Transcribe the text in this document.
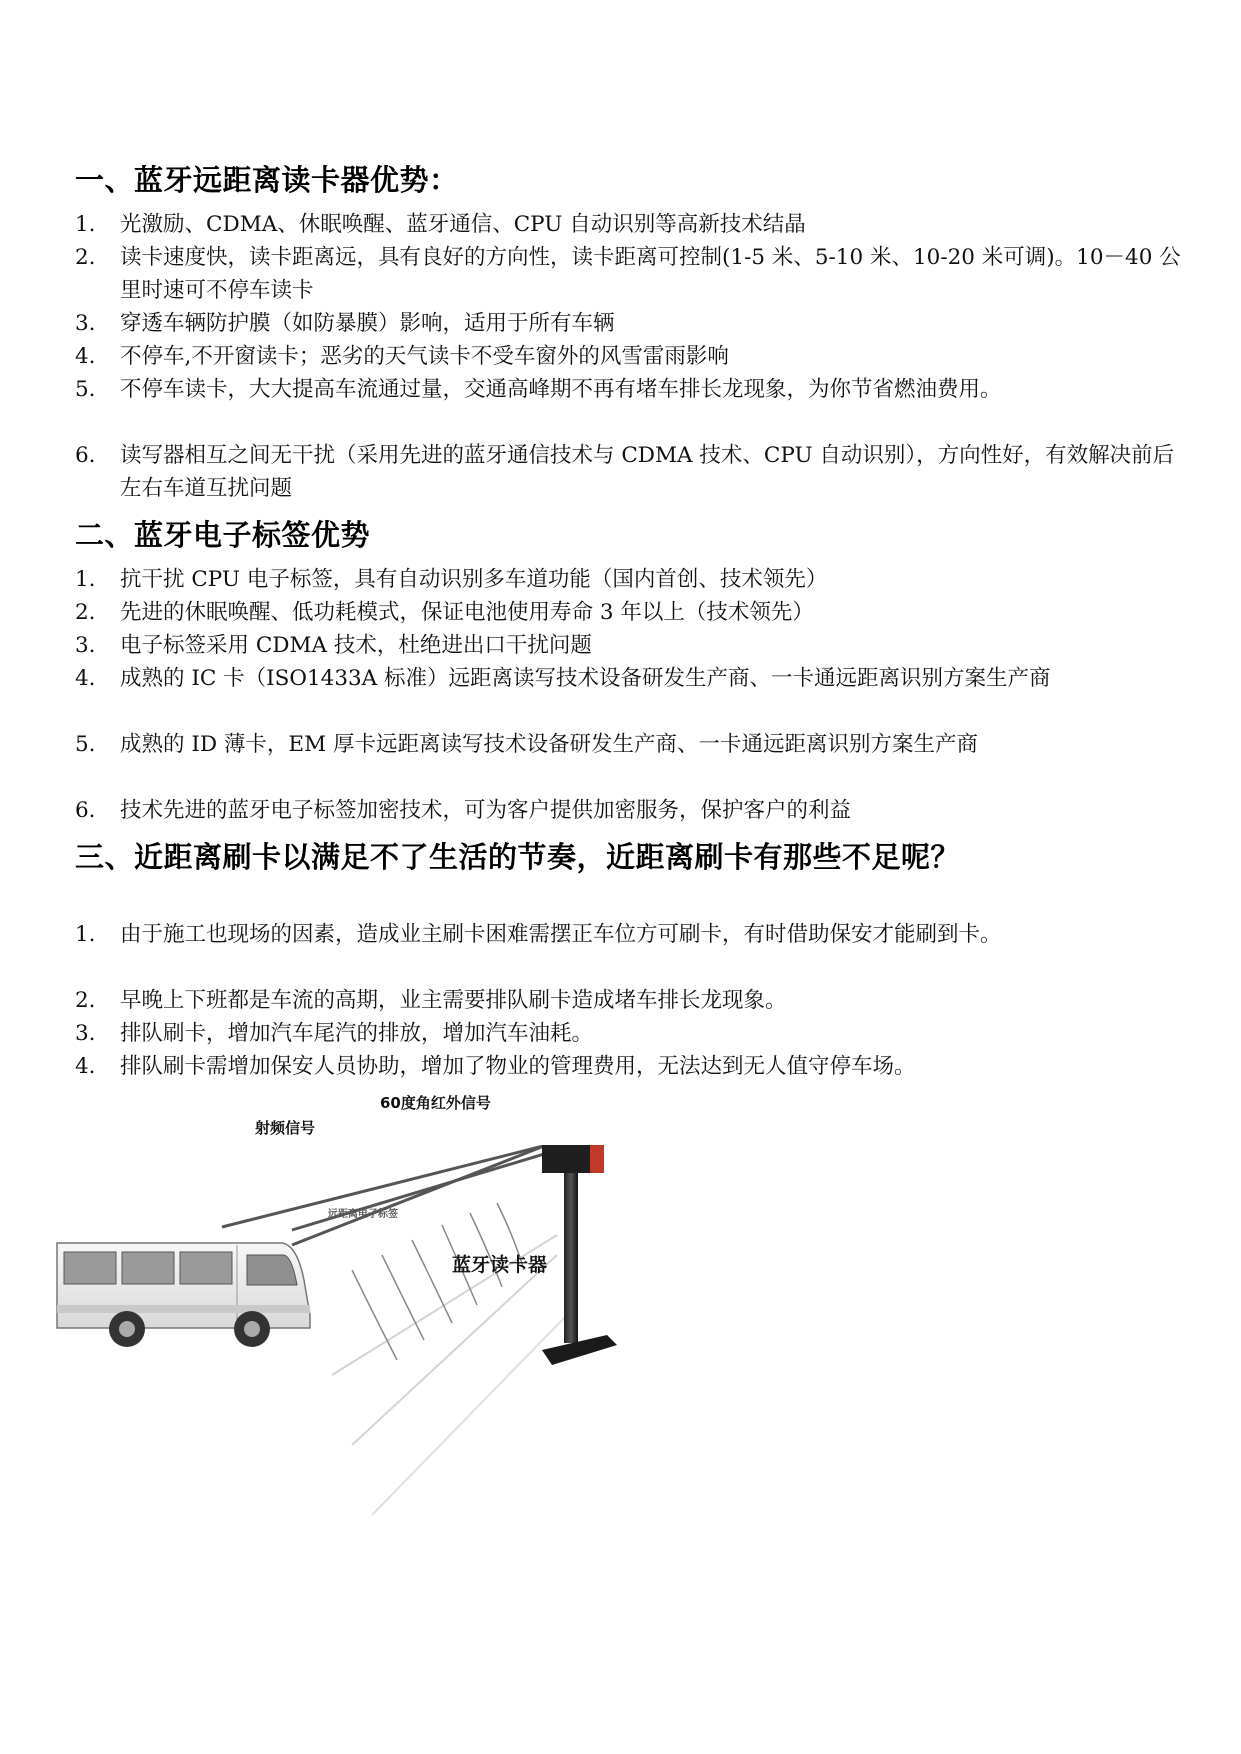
一、蓝牙远距离读卡器优势：
1. 光激励、CDMA、休眠唤醒、蓝牙通信、CPU 自动识别等高新技术结晶
2. 读卡速度快，读卡距离远，具有良好的方向性，读卡距离可控制(1-5 米、5-10 米、10-20 米可调)。10－40 公里时速可不停车读卡
3. 穿透车辆防护膜（如防暴膜）影响，适用于所有车辆
4. 不停车,不开窗读卡；恶劣的天气读卡不受车窗外的风雪雷雨影响
5. 不停车读卡，大大提高车流通过量，交通高峰期不再有堵车排长龙现象，为你节省燃油费用。
6. 读写器相互之间无干扰（采用先进的蓝牙通信技术与 CDMA 技术、CPU 自动识别），方向性好，有效解决前后左右车道互扰问题
二、蓝牙电子标签优势
1. 抗干扰 CPU 电子标签，具有自动识别多车道功能（国内首创、技术领先）
2. 先进的休眠唤醒、低功耗模式，保证电池使用寿命 3 年以上（技术领先）
3. 电子标签采用 CDMA 技术，杜绝进出口干扰问题
4. 成熟的 IC 卡（ISO1433A 标准）远距离读写技术设备研发生产商、一卡通远距离识别方案生产商
5. 成熟的 ID 薄卡，EM 厚卡远距离读写技术设备研发生产商、一卡通远距离识别方案生产商
6. 技术先进的蓝牙电子标签加密技术，可为客户提供加密服务，保护客户的利益
三、近距离刷卡以满足不了生活的节奏，近距离刷卡有那些不足呢？
1. 由于施工也现场的因素，造成业主刷卡困难需摆正车位方可刷卡，有时借助保安才能刷到卡。
2. 早晚上下班都是车流的高期，业主需要排队刷卡造成堵车排长龙现象。
3. 排队刷卡，增加汽车尾汽的排放，增加汽车油耗。
4. 排队刷卡需增加保安人员协助，增加了物业的管理费用，无法达到无人值守停车场。
60度角红外信号
射频信号
远距离电子标签
蓝牙读卡器
